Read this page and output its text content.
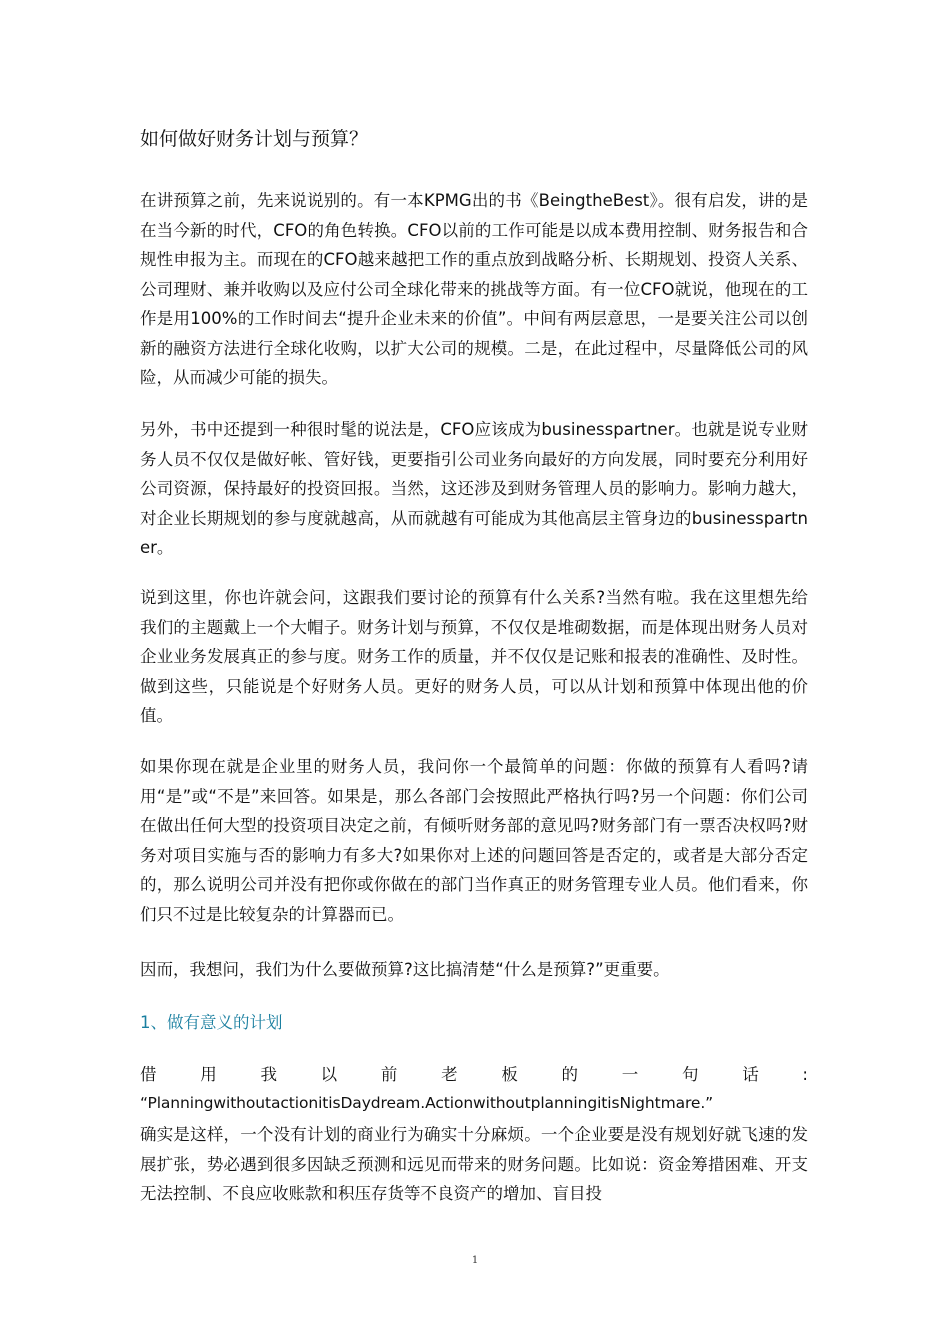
如何做好财务计划与预算？

在讲预算之前，先来说说别的。有一本KPMG出的书《BeingtheBest》。很有启发，讲的是在当今新的时代，CFO的角色转换。CFO以前的工作可能是以成本费用控制、财务报告和合规性申报为主。而现在的CFO越来越把工作的重点放到战略分析、长期规划、投资人关系、公司理财、兼并收购以及应付公司全球化带来的挑战等方面。有一位CFO就说，他现在的工作是用100%的工作时间去“提升企业未来的价值”。中间有两层意思，一是要关注公司以创新的融资方法进行全球化收购，以扩大公司的规模。二是，在此过程中，尽量降低公司的风险，从而减少可能的损失。

另外，书中还提到一种很时髦的说法是，CFO应该成为businesspartner。也就是说专业财务人员不仅仅是做好帐、管好钱，更要指引公司业务向最好的方向发展，同时要充分利用好公司资源，保持最好的投资回报。当然，这还涉及到财务管理人员的影响力。影响力越大，对企业长期规划的参与度就越高，从而就越有可能成为其他高层主管身边的businesspartner。

说到这里，你也许就会问，这跟我们要讨论的预算有什么关系?当然有啦。我在这里想先给我们的主题戴上一个大帽子。财务计划与预算，不仅仅是堆砌数据，而是体现出财务人员对企业业务发展真正的参与度。财务工作的质量，并不仅仅是记账和报表的准确性、及时性。做到这些，只能说是个好财务人员。更好的财务人员，可以从计划和预算中体现出他的价值。

如果你现在就是企业里的财务人员，我问你一个最简单的问题：你做的预算有人看吗?请用“是”或“不是”来回答。如果是，那么各部门会按照此严格执行吗?另一个问题：你们公司在做出任何大型的投资项目决定之前，有倾听财务部的意见吗?财务部门有一票否决权吗?财务对项目实施与否的影响力有多大?如果你对上述的问题回答是否定的，或者是大部分否定的，那么说明公司并没有把你或你做在的部门当作真正的财务管理专业人员。他们看来，你们只不过是比较复杂的计算器而已。

因而，我想问，我们为什么要做预算?这比搞清楚“什么是预算?”更重要。

1、做有意义的计划
借	用	我	以	前	老	板	的	一	句	话	:
“PlanningwithoutactionitisDaydream.ActionwithoutplanningitisNightmare.”

确实是这样，一个没有计划的商业行为确实十分麻烦。一个企业要是没有规划好就飞速的发展扩张，势必遇到很多因缺乏预测和远见而带来的财务问题。比如说：资金筹措困难、开支无法控制、不良应收账款和积压存货等不良资产的增加、盲目投

1
